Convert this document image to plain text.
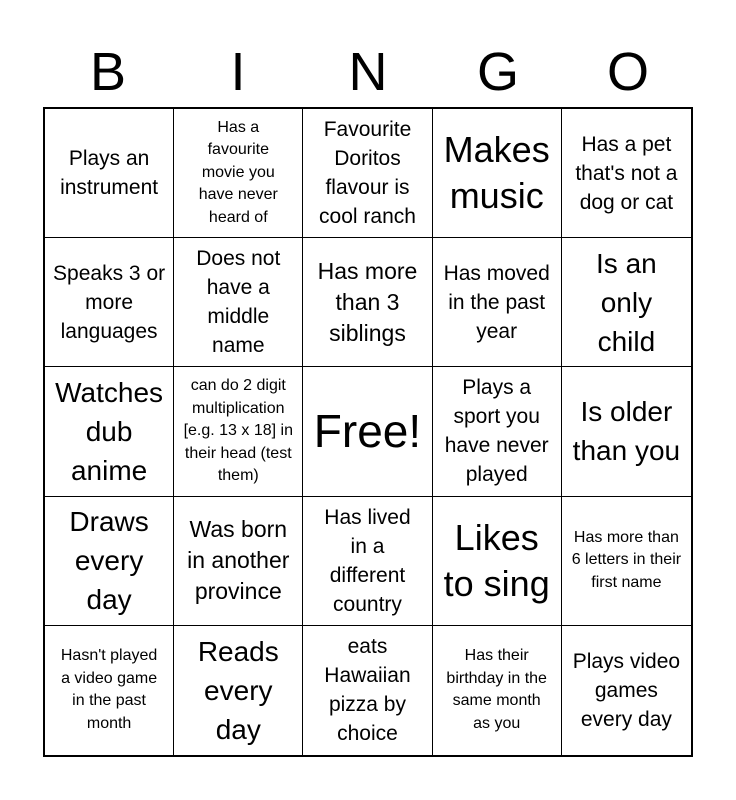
B	I	N	G	O
Plays an instrument
Has a favourite movie you have never heard of
Favourite Doritos flavour is cool ranch
Makes music
Has a pet that's not a dog or cat
Speaks 3 or more languages
Does not have a middle name
Has more than 3 siblings
Has moved in the past year
Is an only child
Watches dub anime
can do 2 digit multiplication [e.g. 13 x 18] in their head (test them)
Free!
Plays a sport you have never played
Is older than you
Draws every day
Was born in another province
Has lived in a different country
Likes to sing
Has more than 6 letters in their first name
Hasn't played a video game in the past month
Reads every day
eats Hawaiian pizza by choice
Has their birthday in the same month as you
Plays video games every day
